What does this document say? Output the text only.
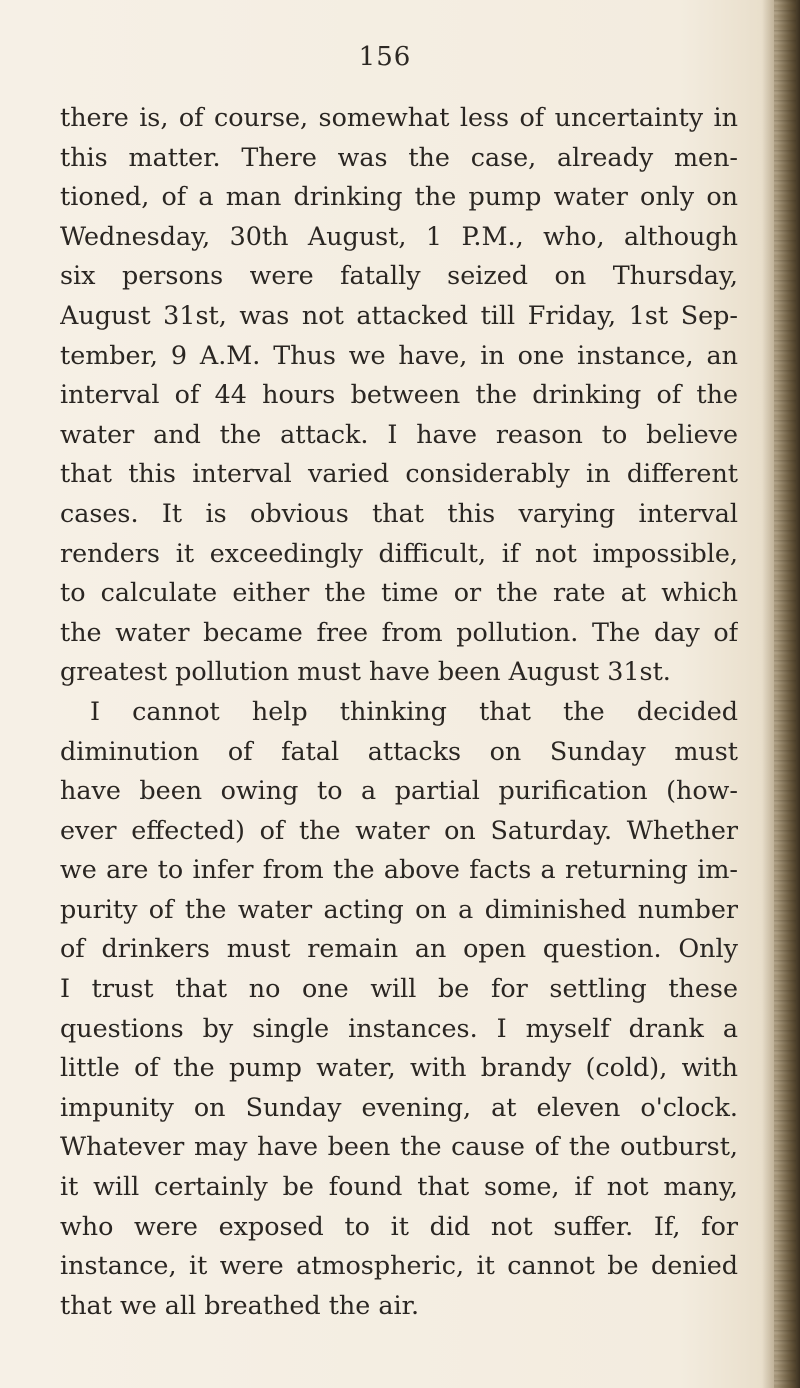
156
there is, of course, somewhat less of uncertainty in
this matter. There was the case, already men-
tioned, of a man drinking the pump water only on
Wednesday, 30th August, 1 P.M., who, although
six persons were fatally seized on Thursday,
August 31st, was not attacked till Friday, 1st Sep-
tember, 9 A.M. Thus we have, in one instance, an
interval of 44 hours between the drinking of the
water and the attack. I have reason to believe
that this interval varied considerably in different
cases. It is obvious that this varying interval
renders it exceedingly difficult, if not impossible,
to calculate either the time or the rate at which
the water became free from pollution. The day of
greatest pollution must have been August 31st.
I cannot help thinking that the decided
diminution of fatal attacks on Sunday must
have been owing to a partial purification (how-
ever effected) of the water on Saturday. Whether
we are to infer from the above facts a returning im-
purity of the water acting on a diminished number
of drinkers must remain an open question. Only
I trust that no one will be for settling these
questions by single instances. I myself drank a
little of the pump water, with brandy (cold), with
impunity on Sunday evening, at eleven o'clock.
Whatever may have been the cause of the outburst,
it will certainly be found that some, if not many,
who were exposed to it did not suffer. If, for
instance, it were atmospheric, it cannot be denied
that we all breathed the air.
